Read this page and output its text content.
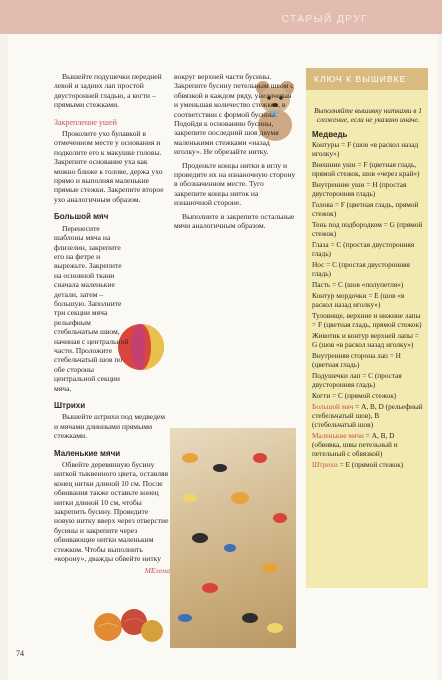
СТАРЫЙ ДРУГ

Вышейте подушечки передней левой и задних лап простой двусторонней гладью, а когти – прямыми стежками.

Закрепление ушей

Проколите ухо булавкой в отмеченном месте у основания и подколите его к макушке головы. Закрепите основание уха как можно ближе к голове, держа ухо прямо и выполняя маленькие прямые стежки. Закрепите второе ухо аналогичным образом.

Большой мяч

Перенесите шаблоны мяча на флизелин, закрепите его на фетре и вырежьте. Закрепите на основной ткани сначала маленькие детали, затем – большую. Заполните три секции мяча рельефным стебельчатым швом, начиная с центральной части. Проложите стебельчатый шов по обе стороны центральной секции мяча.

Штрихи

Вышейте штрихи под медведем и мячами длинными прямыми стежками.

Маленькие мячи

Обвейте деревянную бусину ниткой тыквенного цвета, оставляя конец нитки длиной 10 см. После обвивания также оставьте конец нитки длиной 10 см, чтобы закрепить бусину. Проведите новую нитку вверх через отверстие бусины и закрепите через обвивающие нитки маленьким стежком. Чтобы выполнить «корону», дважды обвейте нитку

МЕлена

вокруг верхней части бусины. Закрепите бусину петельным швом с обвязкой в каждом ряду, увеличивая и уменьшая количество стежков, в соответствии с формой бусины. Подойдя к основанию бусины, закрепите последний шов двумя маленькими стежками «назад иголку». Не обрезайте нитку.

Проденьте концы нитки в иглу и проведите их на изнаночную сторону в обозначенном месте. Туго закрепите концы ниток на изнаночной стороне.

Выполните и закрепите остальные мячи аналогичным образом.

КЛЮЧ К ВЫШИВКЕ

Выполняйте вышивку нитками в 1 сложение, если не указано иначе.

Медведь
Контуры = F (шов «в раскол назад иголку»)
Внешние уши = F (цветная гладь, прямой стежок, шов «через край»)
Внутренние уши = H (простая двусторонняя гладь)
Голова = F (цветная гладь, прямой стежок)
Тень под подбородком = G (прямой стежок)
Глаза = C (простая двусторонняя гладь)
Нос = C (простая двусторонняя гладь)
Пасть = C (шов «полупетля»)
Контур мордочки = E (шов «в раскол назад иголку»)
Туловище, верхние и нижние лапы = F (цветная гладь, прямой стежок)
Животик и контур верхней лапы = G (шов «в раскол назад иголку»)
Внутренняя сторона лап = H (цветная гладь)
Подушечки лап = C (простая двусторонняя гладь)
Когти = C (прямой стежок)
Большой мяч = A, B, D (рельефный стебельчатый шов), B (стебельчатый шов)
Маленькие мячи = A, B, D (обвивка, швы петельный и петельный с обвязкой)
Штрихи = E (прямой стежок)
74
